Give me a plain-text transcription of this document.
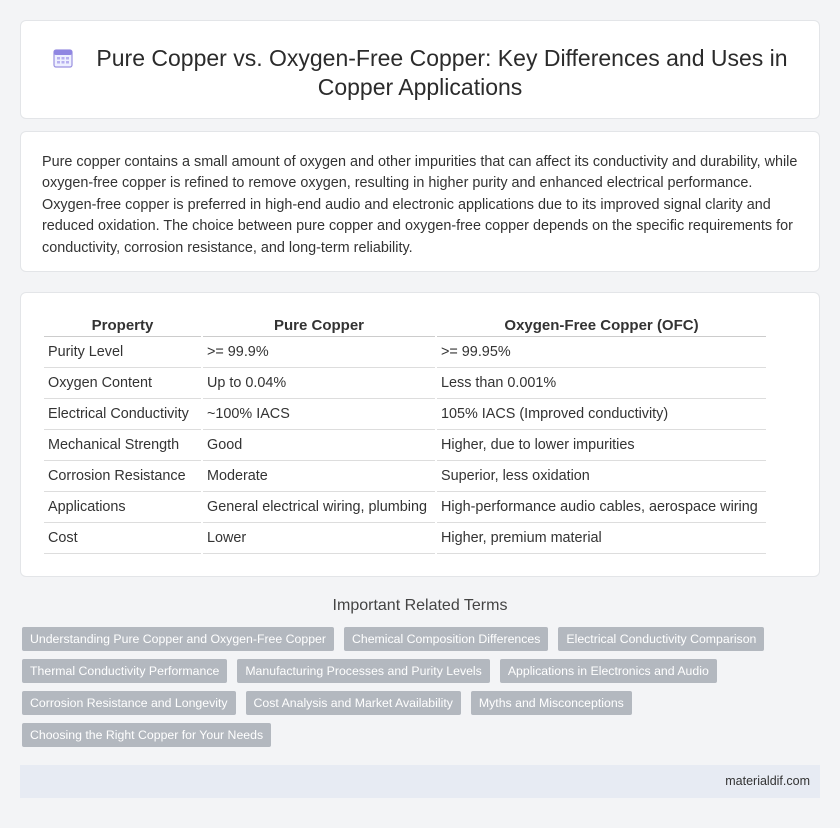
Pure Copper vs. Oxygen-Free Copper: Key Differences and Uses in Copper Applications

Pure copper contains a small amount of oxygen and other impurities that can affect its conductivity and durability, while oxygen-free copper is refined to remove oxygen, resulting in higher purity and enhanced electrical performance. Oxygen-free copper is preferred in high-end audio and electronic applications due to its improved signal clarity and reduced oxidation. The choice between pure copper and oxygen-free copper depends on the specific requirements for conductivity, corrosion resistance, and long-term reliability.

Property	Pure Copper	Oxygen-Free Copper (OFC)
Purity Level	>= 99.9%	>= 99.95%
Oxygen Content	Up to 0.04%	Less than 0.001%
Electrical Conductivity	~100% IACS	105% IACS (Improved conductivity)
Mechanical Strength	Good	Higher, due to lower impurities
Corrosion Resistance	Moderate	Superior, less oxidation
Applications	General electrical wiring, plumbing	High-performance audio cables, aerospace wiring
Cost	Lower	Higher, premium material
Important Related Terms
Understanding Pure Copper and Oxygen-Free Copper	Chemical Composition Differences	Electrical Conductivity Comparison
Thermal Conductivity Performance	Manufacturing Processes and Purity Levels	Applications in Electronics and Audio
Corrosion Resistance and Longevity	Cost Analysis and Market Availability	Myths and Misconceptions
Choosing the Right Copper for Your Needs
materialdif.com
